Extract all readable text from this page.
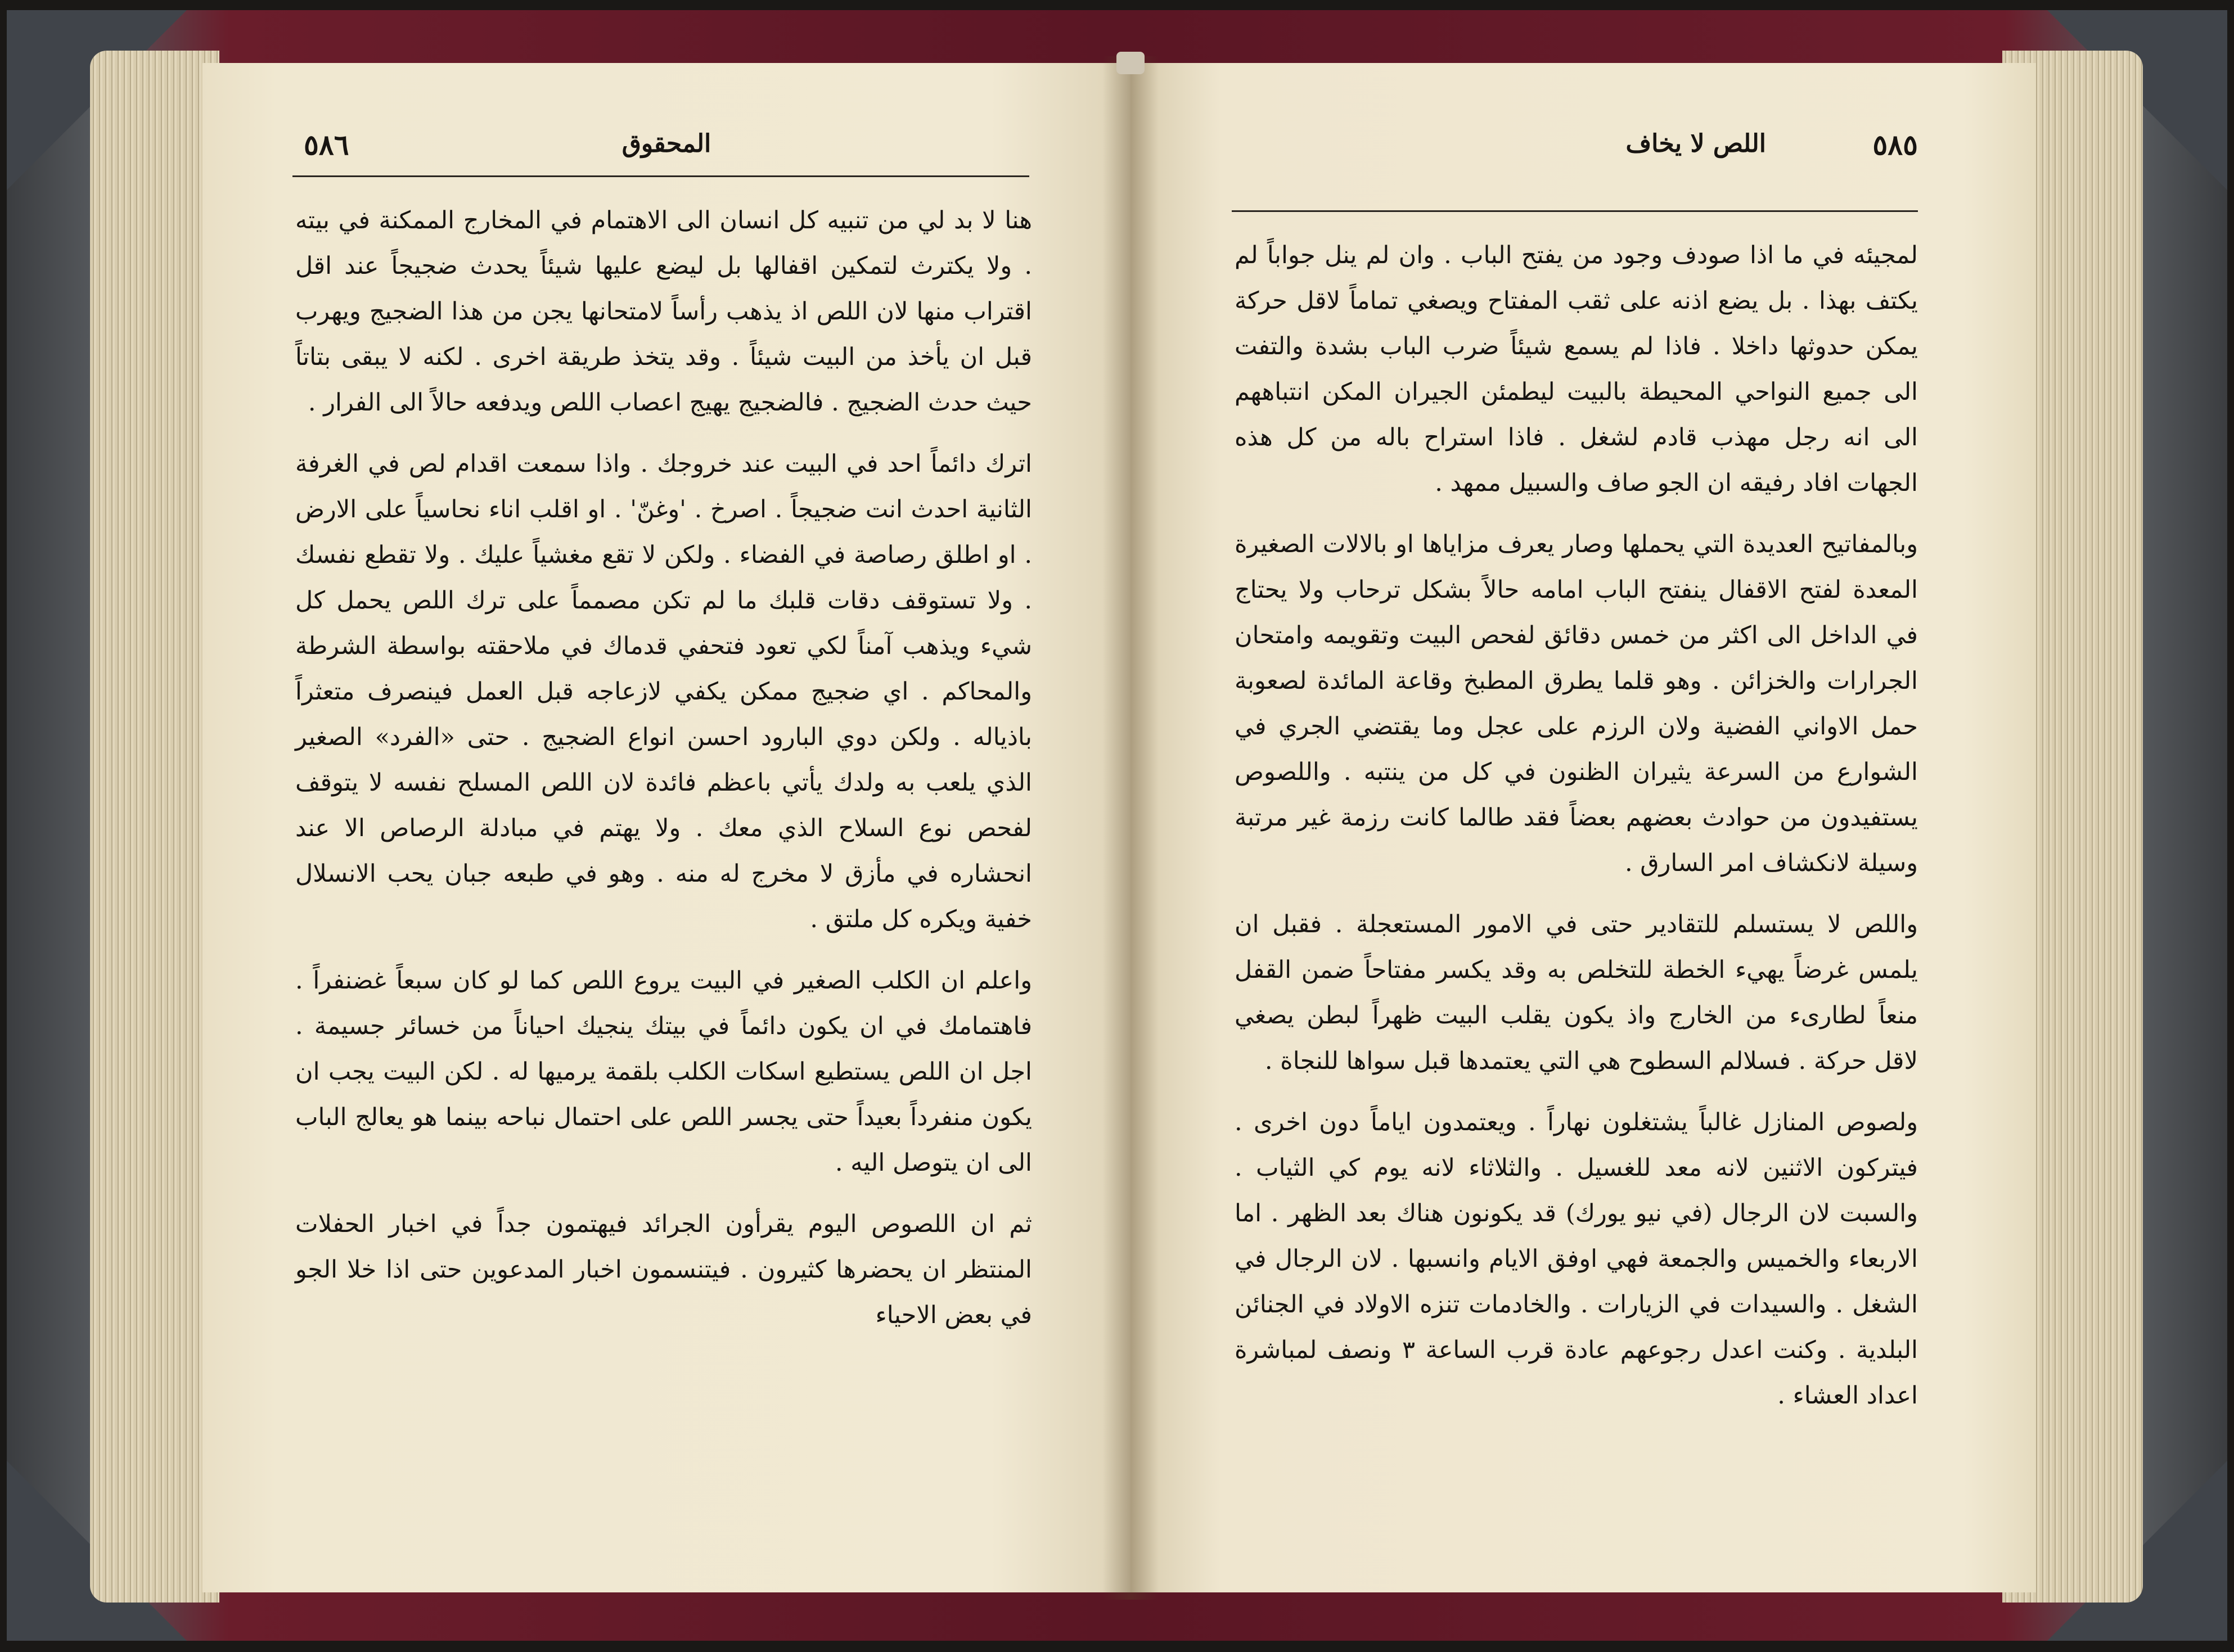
المحقوق
٥٨٦

هنا لا بد لي من تنبيه كل انسان الى الاهتمام في المخارج الممكنة في بيته . ولا يكترث لتمكين اقفالها بل ليضع عليها شيئاً يحدث ضجيجاً عند اقل اقتراب منها لان اللص اذ يذهب رأساً لامتحانها يجن من هذا الضجيج ويهرب قبل ان يأخذ من البيت شيئاً . وقد يتخذ طريقة اخرى . لكنه لا يبقى بتاتاً حيث حدث الضجيج . فالضجيج يهيج اعصاب اللص ويدفعه حالاً الى الفرار .

اترك دائماً احد في البيت عند خروجك . واذا سمعت اقدام لص في الغرفة الثانية احدث انت ضجيجاً . اصرخ . 'وغنّ' . او اقلب اناء نحاسياً على الارض . او اطلق رصاصة في الفضاء . ولكن لا تقع مغشياً عليك . ولا تقطع نفسك . ولا تستوقف دقات قلبك ما لم تكن مصمماً على ترك اللص يحمل كل شيء ويذهب آمناً لكي تعود فتحفي قدماك في ملاحقته بواسطة الشرطة والمحاكم . اي ضجيج ممكن يكفي لازعاجه قبل العمل فينصرف متعثراً باذياله . ولكن دوي البارود احسن انواع الضجيج . حتى «الفرد» الصغير الذي يلعب به ولدك يأتي باعظم فائدة لان اللص المسلح نفسه لا يتوقف لفحص نوع السلاح الذي معك . ولا يهتم في مبادلة الرصاص الا عند انحشاره في مأزق لا مخرج له منه . وهو في طبعه جبان يحب الانسلال خفية ويكره كل ملتق .

واعلم ان الكلب الصغير في البيت يروع اللص كما لو كان سبعاً غضنفراً . فاهتمامك في ان يكون دائماً في بيتك ينجيك احياناً من خسائر جسيمة . اجل ان اللص يستطيع اسكات الكلب بلقمة يرميها له . لكن البيت يجب ان يكون منفرداً بعيداً حتى يجسر اللص على احتمال نباحه بينما هو يعالج الباب الى ان يتوصل اليه .

ثم ان اللصوص اليوم يقرأون الجرائد فيهتمون جداً في اخبار الحفلات المنتظر ان يحضرها كثيرون . فيتنسمون اخبار المدعوين حتى اذا خلا الجو في بعض الاحياء

اللص لا يخاف	٥٨٥

لمجيئه في ما اذا صودف وجود من يفتح الباب . وان لم ينل جواباً لم يكتف بهذا . بل يضع اذنه على ثقب المفتاح ويصغي تماماً لاقل حركة يمكن حدوثها داخلا . فاذا لم يسمع شيئاً ضرب الباب بشدة والتفت الى جميع النواحي المحيطة بالبيت ليطمئن الجيران المكن انتباههم الى انه رجل مهذب قادم لشغل . فاذا استراح باله من كل هذه الجهات افاد رفيقه ان الجو صاف والسبيل ممهد .

وبالمفاتيح العديدة التي يحملها وصار يعرف مزاياها او بالالات الصغيرة المعدة لفتح الاقفال ينفتح الباب امامه حالاً بشكل ترحاب ولا يحتاج في الداخل الى اكثر من خمس دقائق لفحص البيت وتقويمه وامتحان الجرارات والخزائن . وهو قلما يطرق المطبخ وقاعة المائدة لصعوبة حمل الاواني الفضية ولان الرزم على عجل وما يقتضي الجري في الشوارع من السرعة يثيران الظنون في كل من ينتبه . واللصوص يستفيدون من حوادث بعضهم بعضاً فقد طالما كانت رزمة غير مرتبة وسيلة لانكشاف امر السارق .

واللص لا يستسلم للتقادير حتى في الامور المستعجلة . فقبل ان يلمس غرضاً يهيء الخطة للتخلص به وقد يكسر مفتاحاً ضمن القفل منعاً لطارىء من الخارج واذ يكون يقلب البيت ظهراً لبطن يصغي لاقل حركة . فسلالم السطوح هي التي يعتمدها قبل سواها للنجاة .

ولصوص المنازل غالباً يشتغلون نهاراً . ويعتمدون اياماً دون اخرى . فيتركون الاثنين لانه معد للغسيل . والثلاثاء لانه يوم كي الثياب . والسبت لان الرجال (في نيو يورك) قد يكونون هناك بعد الظهر . اما الاربعاء والخميس والجمعة فهي اوفق الايام وانسبها . لان الرجال في الشغل . والسيدات في الزيارات . والخادمات تنزه الاولاد في الجنائن البلدية . وكنت اعدل رجوعهم عادة قرب الساعة ٣ ونصف لمباشرة اعداد العشاء .
